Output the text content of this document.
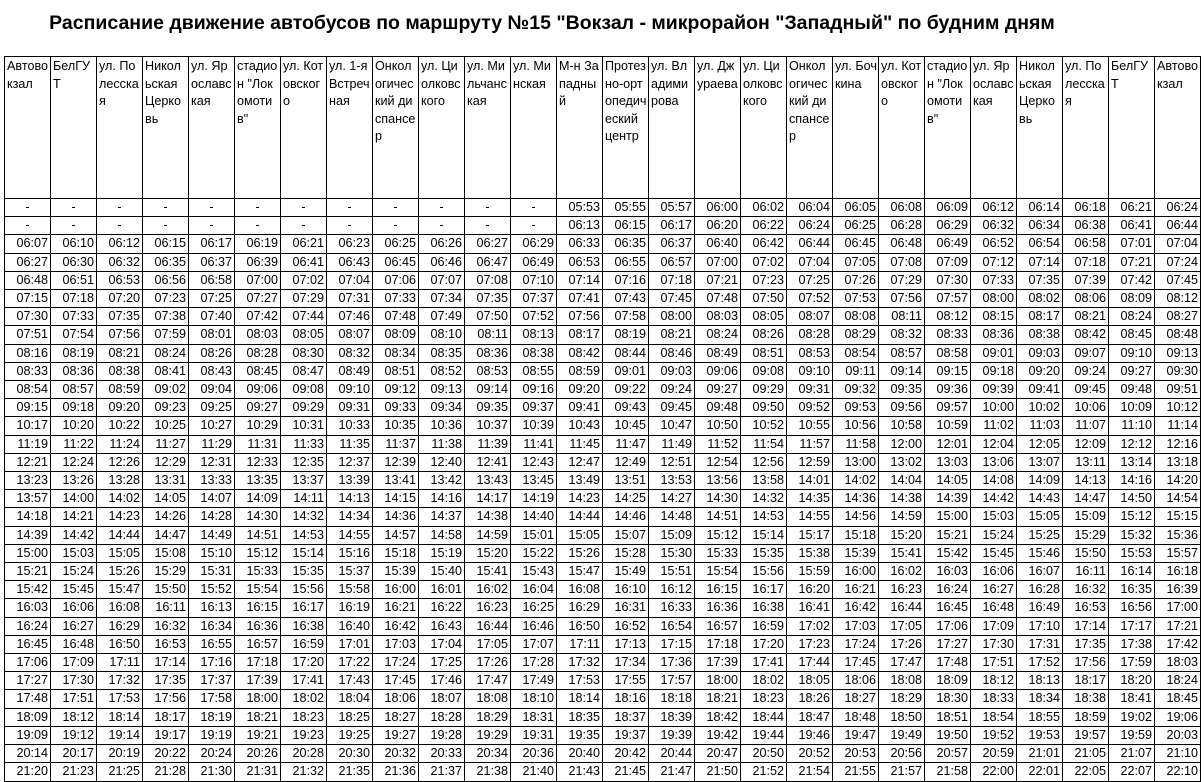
Расписание движение автобусов по маршруту №15 "Вокзал - микрорайон "Западный" по будним дням
Автовокзал	БелГУТ	ул. Полесская	Никольская Церковь	ул. Ярославская	стадион "Локомотив"	ул. Котовского	ул. 1-я Встречная	Онкологический диспансер	ул. Циолковского	ул. Мильчанская	ул. Минская	М-н Западный	Протезно-ортопедический центр	ул. Владимирова	ул. Джураева	ул. Циолковского	Онкологический диспансер	ул. Бочкина	ул. Котовского	стадион "Локомотив"	ул. Ярославская	Никольская Церковь	ул. Полесская	БелГУТ	Автовокзал
-	-	-	-	-	-	-	-	-	-	-	-	05:53	05:55	05:57	06:00	06:02	06:04	06:05	06:08	06:09	06:12	06:14	06:18	06:21	06:24
-	-	-	-	-	-	-	-	-	-	-	-	06:13	06:15	06:17	06:20	06:22	06:24	06:25	06:28	06:29	06:32	06:34	06:38	06:41	06:44
06:07	06:10	06:12	06:15	06:17	06:19	06:21	06:23	06:25	06:26	06:27	06:29	06:33	06:35	06:37	06:40	06:42	06:44	06:45	06:48	06:49	06:52	06:54	06:58	07:01	07:04
06:27	06:30	06:32	06:35	06:37	06:39	06:41	06:43	06:45	06:46	06:47	06:49	06:53	06:55	06:57	07:00	07:02	07:04	07:05	07:08	07:09	07:12	07:14	07:18	07:21	07:24
06:48	06:51	06:53	06:56	06:58	07:00	07:02	07:04	07:06	07:07	07:08	07:10	07:14	07:16	07:18	07:21	07:23	07:25	07:26	07:29	07:30	07:33	07:35	07:39	07:42	07:45
07:15	07:18	07:20	07:23	07:25	07:27	07:29	07:31	07:33	07:34	07:35	07:37	07:41	07:43	07:45	07:48	07:50	07:52	07:53	07:56	07:57	08:00	08:02	08:06	08:09	08:12
07:30	07:33	07:35	07:38	07:40	07:42	07:44	07:46	07:48	07:49	07:50	07:52	07:56	07:58	08:00	08:03	08:05	08:07	08:08	08:11	08:12	08:15	08:17	08:21	08:24	08:27
07:51	07:54	07:56	07:59	08:01	08:03	08:05	08:07	08:09	08:10	08:11	08:13	08:17	08:19	08:21	08:24	08:26	08:28	08:29	08:32	08:33	08:36	08:38	08:42	08:45	08:48
08:16	08:19	08:21	08:24	08:26	08:28	08:30	08:32	08:34	08:35	08:36	08:38	08:42	08:44	08:46	08:49	08:51	08:53	08:54	08:57	08:58	09:01	09:03	09:07	09:10	09:13
08:33	08:36	08:38	08:41	08:43	08:45	08:47	08:49	08:51	08:52	08:53	08:55	08:59	09:01	09:03	09:06	09:08	09:10	09:11	09:14	09:15	09:18	09:20	09:24	09:27	09:30
08:54	08:57	08:59	09:02	09:04	09:06	09:08	09:10	09:12	09:13	09:14	09:16	09:20	09:22	09:24	09:27	09:29	09:31	09:32	09:35	09:36	09:39	09:41	09:45	09:48	09:51
09:15	09:18	09:20	09:23	09:25	09:27	09:29	09:31	09:33	09:34	09:35	09:37	09:41	09:43	09:45	09:48	09:50	09:52	09:53	09:56	09:57	10:00	10:02	10:06	10:09	10:12
10:17	10:20	10:22	10:25	10:27	10:29	10:31	10:33	10:35	10:36	10:37	10:39	10:43	10:45	10:47	10:50	10:52	10:55	10:56	10:58	10:59	11:02	11:03	11:07	11:10	11:14
11:19	11:22	11:24	11:27	11:29	11:31	11:33	11:35	11:37	11:38	11:39	11:41	11:45	11:47	11:49	11:52	11:54	11:57	11:58	12:00	12:01	12:04	12:05	12:09	12:12	12:16
12:21	12:24	12:26	12:29	12:31	12:33	12:35	12:37	12:39	12:40	12:41	12:43	12:47	12:49	12:51	12:54	12:56	12:59	13:00	13:02	13:03	13:06	13:07	13:11	13:14	13:18
13:23	13:26	13:28	13:31	13:33	13:35	13:37	13:39	13:41	13:42	13:43	13:45	13:49	13:51	13:53	13:56	13:58	14:01	14:02	14:04	14:05	14:08	14:09	14:13	14:16	14:20
13:57	14:00	14:02	14:05	14:07	14:09	14:11	14:13	14:15	14:16	14:17	14:19	14:23	14:25	14:27	14:30	14:32	14:35	14:36	14:38	14:39	14:42	14:43	14:47	14:50	14:54
14:18	14:21	14:23	14:26	14:28	14:30	14:32	14:34	14:36	14:37	14:38	14:40	14:44	14:46	14:48	14:51	14:53	14:55	14:56	14:59	15:00	15:03	15:05	15:09	15:12	15:15
14:39	14:42	14:44	14:47	14:49	14:51	14:53	14:55	14:57	14:58	14:59	15:01	15:05	15:07	15:09	15:12	15:14	15:17	15:18	15:20	15:21	15:24	15:25	15:29	15:32	15:36
15:00	15:03	15:05	15:08	15:10	15:12	15:14	15:16	15:18	15:19	15:20	15:22	15:26	15:28	15:30	15:33	15:35	15:38	15:39	15:41	15:42	15:45	15:46	15:50	15:53	15:57
15:21	15:24	15:26	15:29	15:31	15:33	15:35	15:37	15:39	15:40	15:41	15:43	15:47	15:49	15:51	15:54	15:56	15:59	16:00	16:02	16:03	16:06	16:07	16:11	16:14	16:18
15:42	15:45	15:47	15:50	15:52	15:54	15:56	15:58	16:00	16:01	16:02	16:04	16:08	16:10	16:12	16:15	16:17	16:20	16:21	16:23	16:24	16:27	16:28	16:32	16:35	16:39
16:03	16:06	16:08	16:11	16:13	16:15	16:17	16:19	16:21	16:22	16:23	16:25	16:29	16:31	16:33	16:36	16:38	16:41	16:42	16:44	16:45	16:48	16:49	16:53	16:56	17:00
16:24	16:27	16:29	16:32	16:34	16:36	16:38	16:40	16:42	16:43	16:44	16:46	16:50	16:52	16:54	16:57	16:59	17:02	17:03	17:05	17:06	17:09	17:10	17:14	17:17	17:21
16:45	16:48	16:50	16:53	16:55	16:57	16:59	17:01	17:03	17:04	17:05	17:07	17:11	17:13	17:15	17:18	17:20	17:23	17:24	17:26	17:27	17:30	17:31	17:35	17:38	17:42
17:06	17:09	17:11	17:14	17:16	17:18	17:20	17:22	17:24	17:25	17:26	17:28	17:32	17:34	17:36	17:39	17:41	17:44	17:45	17:47	17:48	17:51	17:52	17:56	17:59	18:03
17:27	17:30	17:32	17:35	17:37	17:39	17:41	17:43	17:45	17:46	17:47	17:49	17:53	17:55	17:57	18:00	18:02	18:05	18:06	18:08	18:09	18:12	18:13	18:17	18:20	18:24
17:48	17:51	17:53	17:56	17:58	18:00	18:02	18:04	18:06	18:07	18:08	18:10	18:14	18:16	18:18	18:21	18:23	18:26	18:27	18:29	18:30	18:33	18:34	18:38	18:41	18:45
18:09	18:12	18:14	18:17	18:19	18:21	18:23	18:25	18:27	18:28	18:29	18:31	18:35	18:37	18:39	18:42	18:44	18:47	18:48	18:50	18:51	18:54	18:55	18:59	19:02	19:06
19:09	19:12	19:14	19:17	19:19	19:21	19:23	19:25	19:27	19:28	19:29	19:31	19:35	19:37	19:39	19:42	19:44	19:46	19:47	19:49	19:50	19:52	19:53	19:57	19:59	20:03
20:14	20:17	20:19	20:22	20:24	20:26	20:28	20:30	20:32	20:33	20:34	20:36	20:40	20:42	20:44	20:47	20:50	20:52	20:53	20:56	20:57	20:59	21:01	21:05	21:07	21:10
21:20	21:23	21:25	21:28	21:30	21:31	21:32	21:35	21:36	21:37	21:38	21:40	21:43	21:45	21:47	21:50	21:52	21:54	21:55	21:57	21:58	22:00	22:01	22:05	22:07	22:10
